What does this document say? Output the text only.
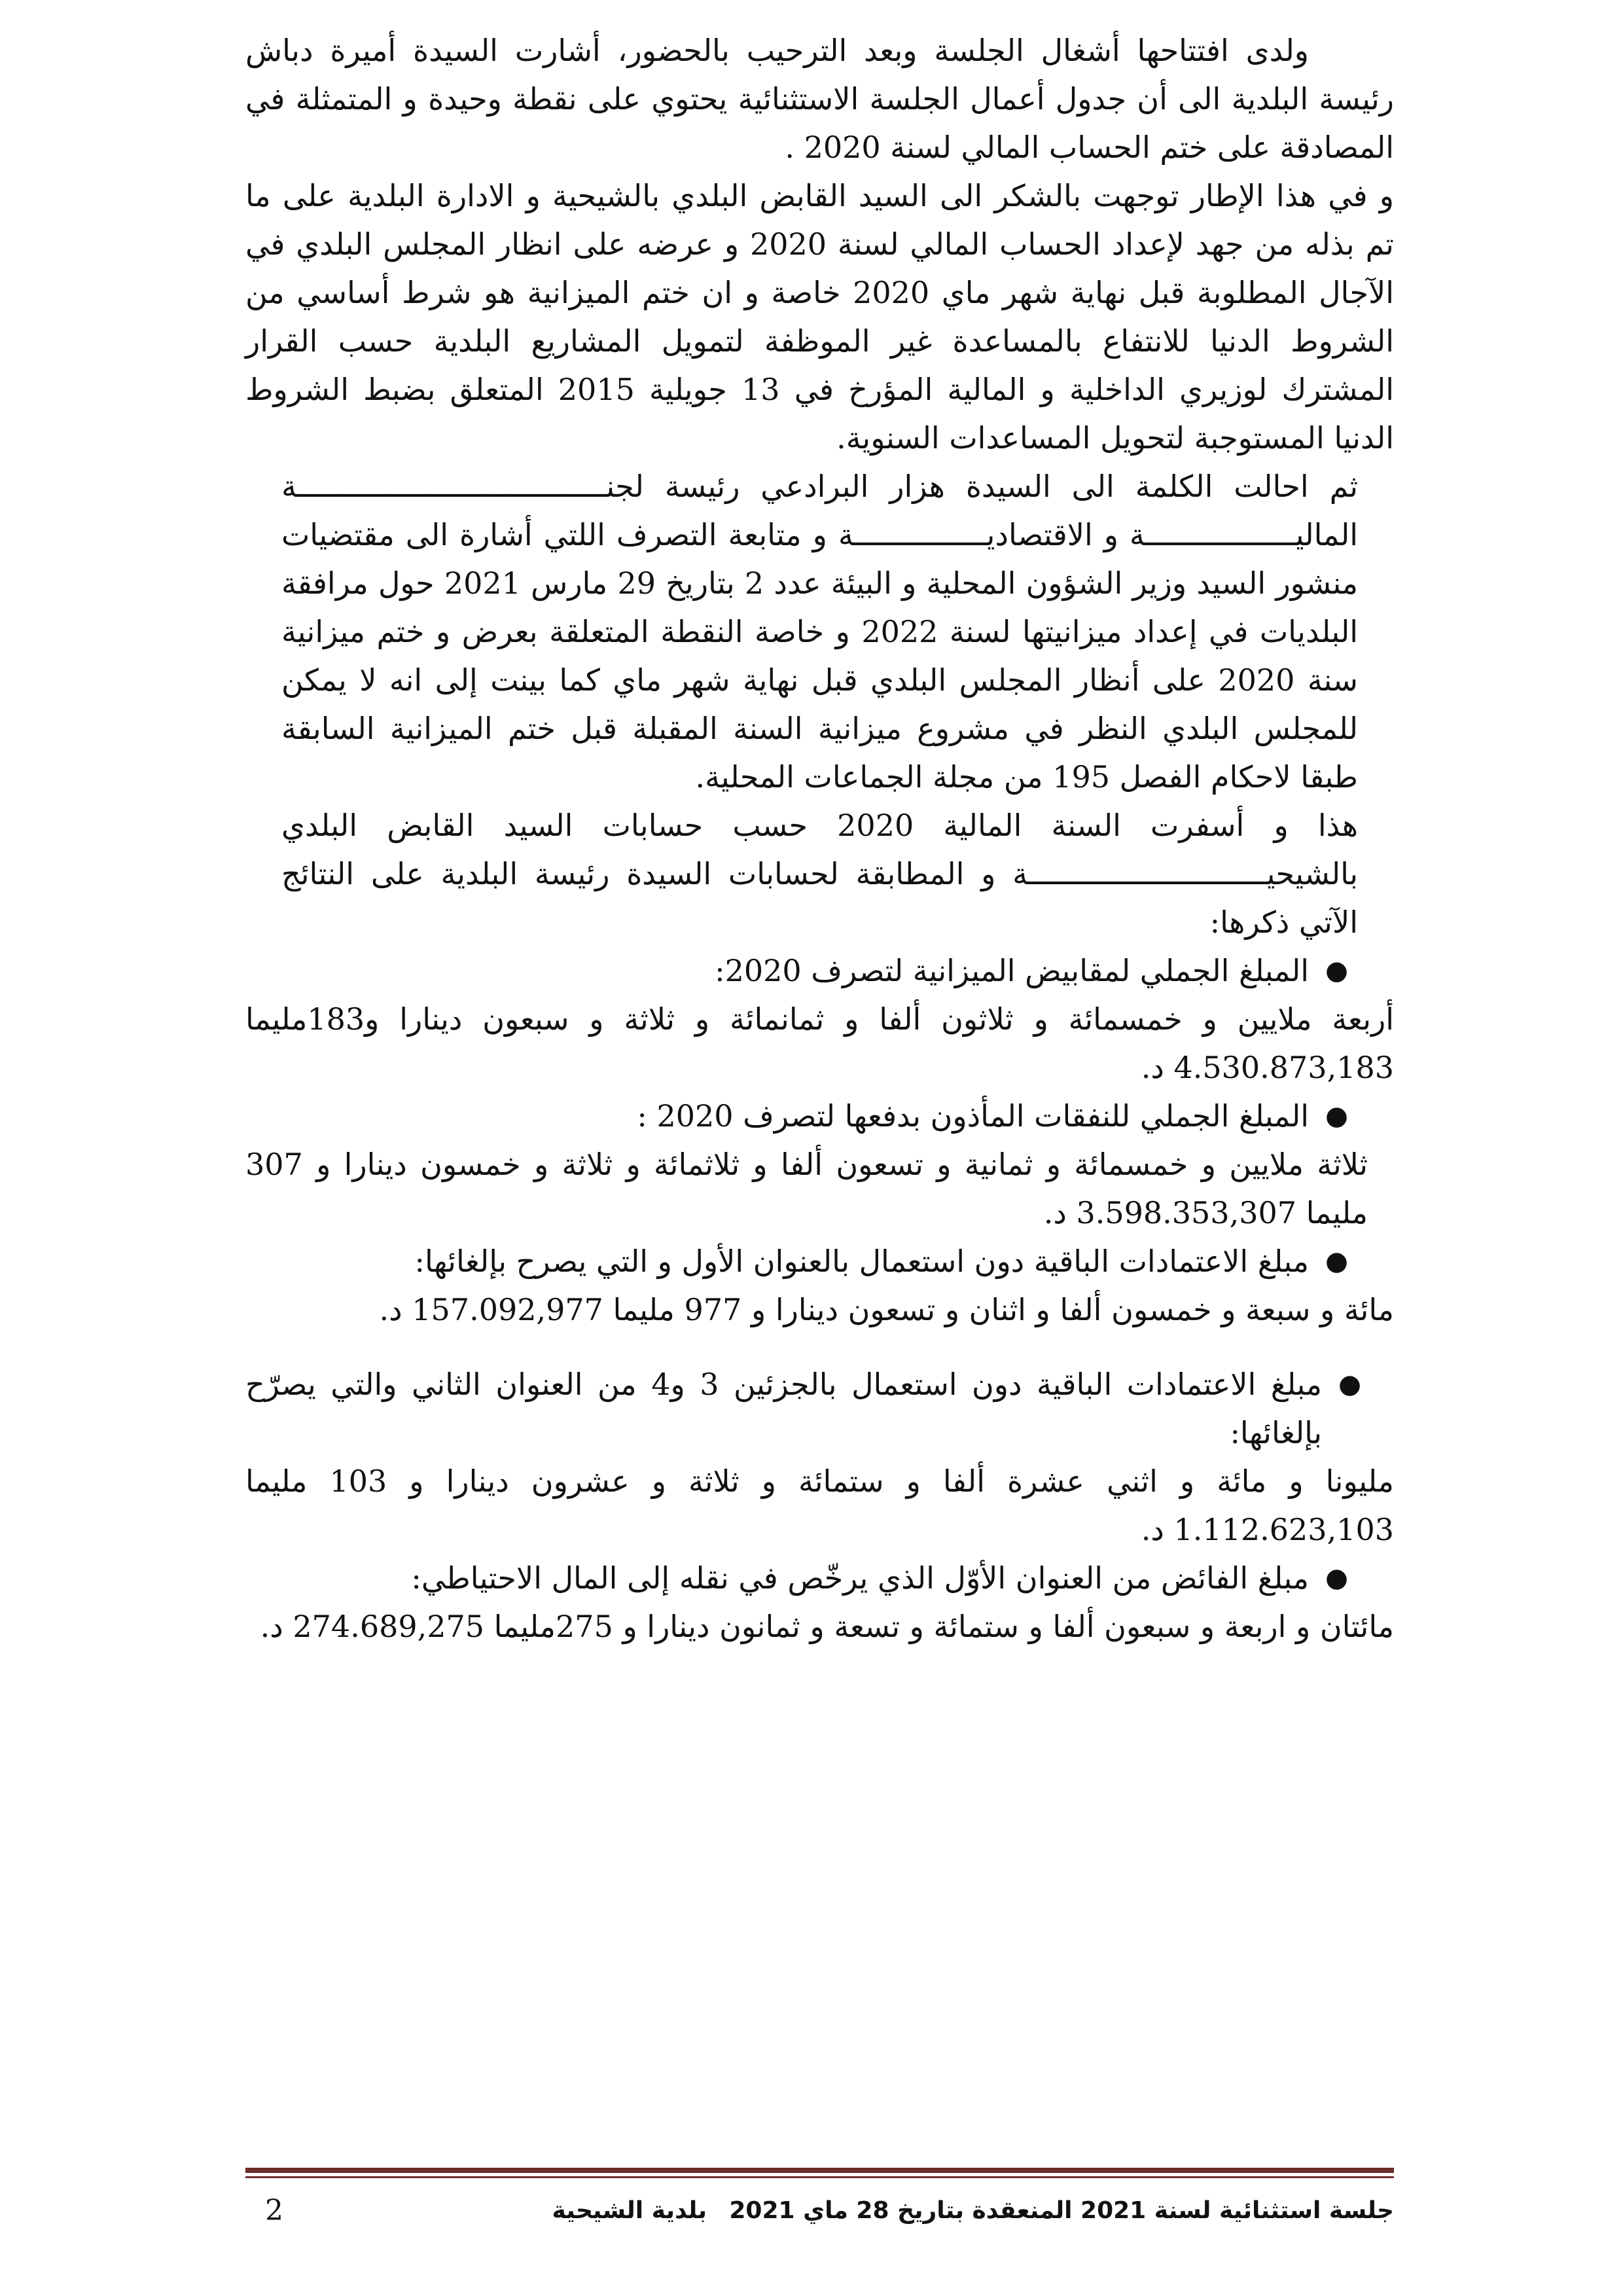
ولدى افتتاحها أشغال الجلسة وبعد الترحيب بالحضور، أشارت السيدة أميرة دباش رئيسة البلدية الى أن جدول أعمال الجلسة الاستثنائية يحتوي على نقطة وحيدة و المتمثلة في المصادقة على ختم الحساب المالي لسنة 2020 .

و في هذا الإطار توجهت بالشكر الى السيد القابض البلدي بالشيحية و الادارة البلدية على ما تم بذله من جهد لإعداد الحساب المالي لسنة 2020 و عرضه على انظار المجلس البلدي في الآجال المطلوبة قبل نهاية شهر ماي 2020 خاصة و ان ختم الميزانية هو شرط أساسي من الشروط الدنيا للانتفاع بالمساعدة غير الموظفة لتمويل المشاريع البلدية حسب القرار المشترك لوزيري الداخلية و المالية المؤرخ في 13 جويلية 2015 المتعلق بضبط الشروط الدنيا المستوجبة لتحويل المساعدات السنوية.

ثم احالت الكلمة الى السيدة هزار البرادعي رئيسة لجنـــــــــــــــــــــــــــــــــــة الماليـــــــــــــــــة و الاقتصاديـــــــــــــــة و متابعة التصرف اللتي أشارة الى مقتضيات منشور السيد وزير الشؤون المحلية و البيئة عدد 2 بتاريخ 29 مارس 2021 حول مرافقة البلديات في إعداد ميزانيتها لسنة 2022 و خاصة النقطة المتعلقة بعرض و ختم ميزانية سنة 2020 على أنظار المجلس البلدي قبل نهاية شهر ماي كما بينت إلى انه لا يمكن للمجلس البلدي النظر في مشروع ميزانية السنة المقبلة قبل ختم الميزانية السابقة طبقا لاحكام الفصل 195 من مجلة الجماعات المحلية.

هذا و أسفرت السنة المالية 2020 حسب حسابات السيد القابض البلدي بالشيحيـــــــــــــــــــــــــــة و المطابقة لحسابات السيدة رئيسة البلدية على النتائج الآتي ذكرها:

●
المبلغ الجملي لمقابيض الميزانية لتصرف 2020:

أربعة ملايين و خمسمائة و ثلاثون ألفا و ثمانمائة و ثلاثة و سبعون دينارا و183مليما 4.530.873,183 د.

●
المبلغ الجملي للنفقات المأذون بدفعها لتصرف 2020 :

ثلاثة ملايين و خمسمائة و ثمانية و تسعون ألفا و ثلاثمائة و ثلاثة و خمسون دينارا و 307 مليما 3.598.353,307 د.

●
مبلغ الاعتمادات الباقية دون استعمال بالعنوان الأول و التي يصرح بإلغائها:

مائة و سبعة و خمسون ألفا و اثنان و تسعون دينارا و 977 مليما 157.092,977 د.

●
مبلغ الاعتمادات الباقية دون استعمال بالجزئين 3 و4 من العنوان الثاني والتي يصرّح بإلغائها:

مليونا و مائة و اثني عشرة ألفا و ستمائة و ثلاثة و عشرون دينارا و 103 مليما 1.112.623,103 د.

●
مبلغ الفائض من العنوان الأوّل الذي يرخّص في نقله إلى المال الاحتياطي:

مائتان و اربعة و سبعون ألفا و ستمائة و تسعة و ثمانون دينارا و 275مليما 274.689,275 د.

جلسة استثنائية لسنة 2021 المنعقدة بتاريخ 28 ماي 2021
بلدية الشيحية
2
